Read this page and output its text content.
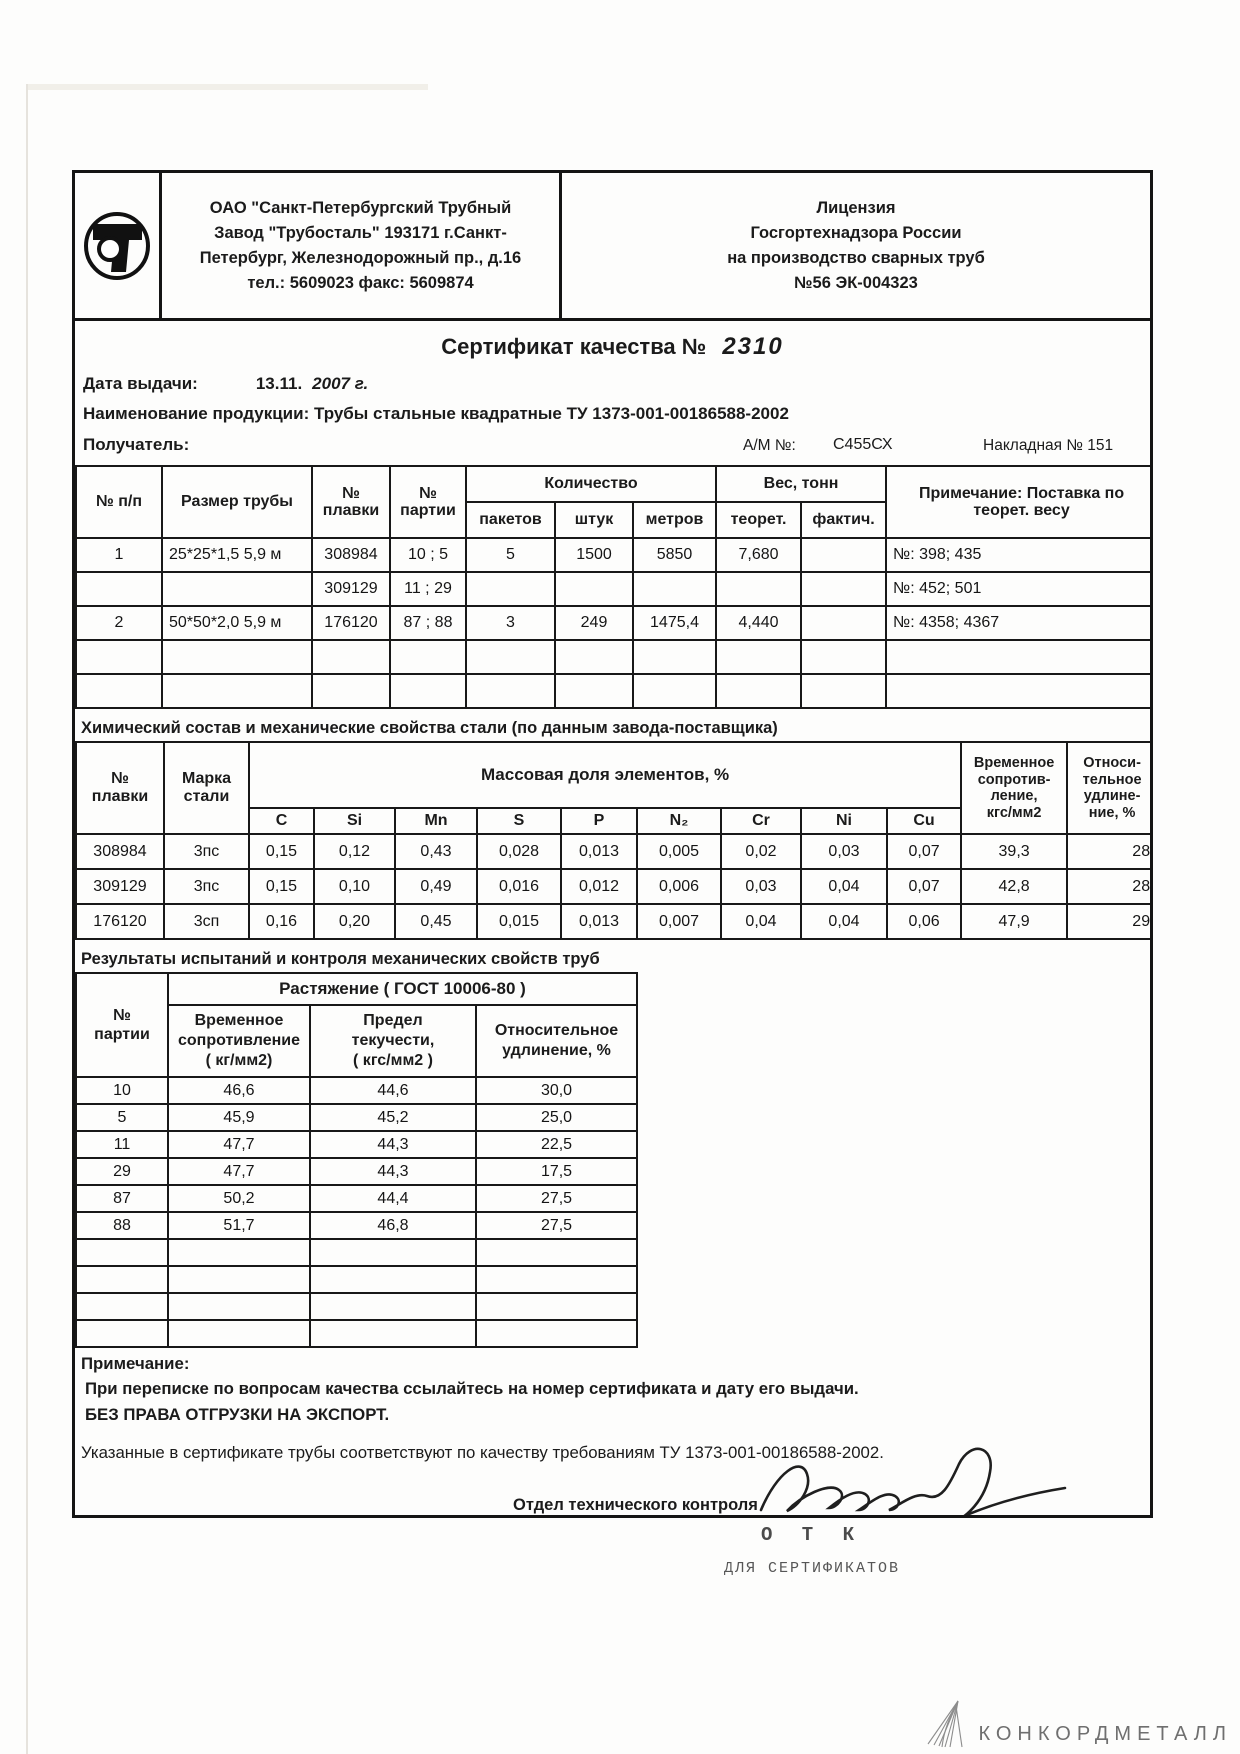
ОАО "Санкт-Петербургский Трубный
Завод "Трубосталь" 193171 г.Санкт-
Петербург, Железнодорожный пр., д.16
тел.: 5609023 факс: 5609874
Лицензия
Госгортехнадзора России
на производство сварных труб
№56 ЭК-004323
Сертификат качества № 2310
Дата выдачи:	13.11. 2007 г.
Наименование продукции: Трубы стальные квадратные ТУ 1373-001-00186588-2002
Получатель:	А/М №: С455СХ	Накладная № 151
№ п/п	Размер трубы	№
плавки

№
партии
	Количество	Вес, тонн	
Примечание: Поставка по
теорет. весу

				пакетов	штук	метров	теорет.	фактич.	
1	25*25*1,5 5,9 м	308984	10 ; 5	5	1500	5850	7,680		№: 398; 435
		309129	11 ; 29						№: 452; 501
2	50*50*2,0 5,9 м	176120	87 ; 88	3	249	1475,4	4,440		№: 4358; 4367

Химический состав и механические свойства стали (по данным завода-поставщика)
№
плавки

Марка
стали
	Массовая доля элементов, %	
Временное
сопротив-
ление,
кгс/мм2

Относи-
тельное
удлине-
ние, %

		C	Si	Mn	S	P	N₂	Cr	Ni	Cu		
308984	3пс	0,15	0,12	0,43	0,028	0,013	0,005	0,02	0,03	0,07	39,3	28
309129	3пс	0,15	0,10	0,49	0,016	0,012	0,006	0,03	0,04	0,07	42,8	28
176120	3сп	0,16	0,20	0,45	0,015	0,013	0,007	0,04	0,04	0,06	47,9	29
Результаты испытаний и контроля механических свойств труб
№
партии	Растяжение ( ГОСТ 10006-80 )		

Временное
сопротивление
( кг/мм2)

Предел
текучести,
( кгс/мм2 )

Относительное
удлинение, %

10	46,6	44,6	30,0
5	45,9	45,2	25,0
11	47,7	44,3	22,5
29	47,7	44,3	17,5
87	50,2	44,4	27,5
88	51,7	46,8	27,5

Примечание:
При переписке по вопросам качества ссылайтесь на номер сертификата и дату его выдачи.
БЕЗ ПРАВА ОТГРУЗКИ НА ЭКСПОРТ.
Указанные в сертификате трубы соответствуют по качеству требованиям ТУ 1373-001-00186588-2002.
Отдел технического контроля
О Т К
ДЛЯ СЕРТИФИКАТОВ
КОНКОРДМЕТАЛЛ
